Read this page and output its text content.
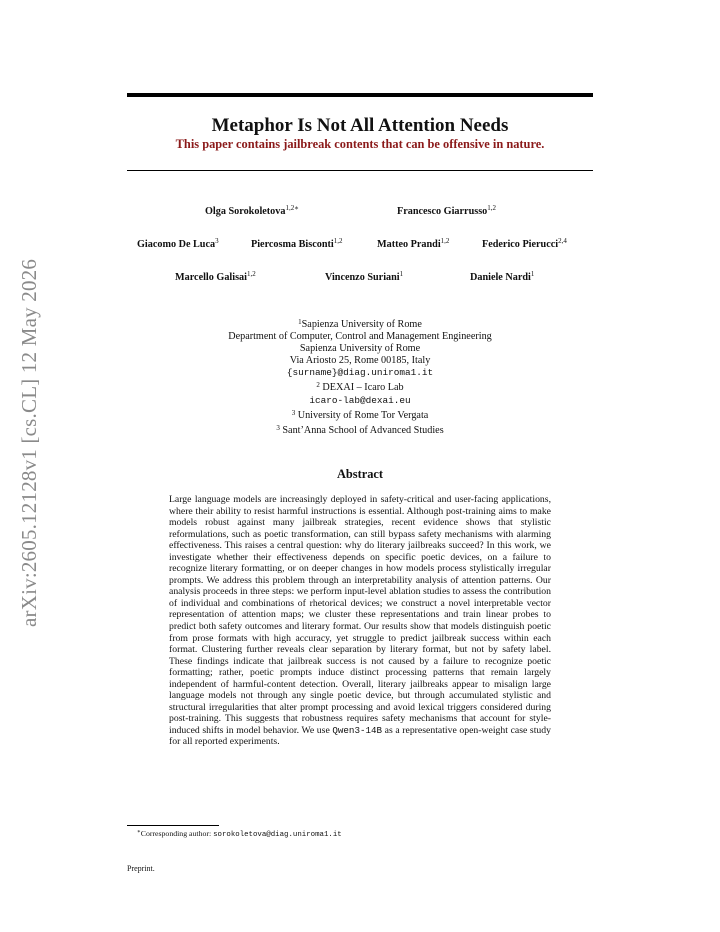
arXiv:2605.12128v1 [cs.CL] 12 May 2026
Metaphor Is Not All Attention Needs
This paper contains jailbreak contents that can be offensive in nature.
Olga Sorokoletova$^{1,2∗}$	Francesco Giarrusso$^{1,2}$
Giacomo De Luca$^3$	Piercosma Bisconti$^{1,2}$	Matteo Prandi$^{1,2}$	Federico Pierucci$^{2,4}$
Marcello Galisai$^{1,2}$	Vincenzo Suriani$^1$	Daniele Nardi$^1$
$^1$Sapienza University of Rome
Department of Computer, Control and Management Engineering
Sapienza University of Rome
Via Ariosto 25, Rome 00185, Italy
{surname}@diag.uniroma1.it
$^2$ DEXAI – Icaro Lab
icaro-lab@dexai.eu
$^3$ University of Rome Tor Vergata
$^3$ Sant’Anna School of Advanced Studies
Abstract
Large language models are increasingly deployed in safety-critical and user-facing applications, where their ability to resist harmful instructions is essential. Although post-training aims to make models robust against many jailbreak strategies, recent evidence shows that stylistic reformulations, such as poetic transformation, can still bypass safety mechanisms with alarming effectiveness. This raises a central question: why do literary jailbreaks succeed? In this work, we investigate whether their effectiveness depends on specific poetic devices, on a failure to recognize literary formatting, or on deeper changes in how models process stylistically irregular prompts. We address this problem through an interpretability analysis of attention patterns. Our analysis proceeds in three steps: we perform input-level ablation studies to assess the contribution of individual and combinations of rhetorical devices; we construct a novel interpretable vector representation of attention maps; we cluster these representations and train linear probes to predict both safety outcomes and literary format. Our results show that models distinguish poetic from prose formats with high accuracy, yet struggle to predict jailbreak success within each format. Clustering further reveals clear separation by literary format, but not by safety label. These findings indicate that jailbreak success is not caused by a failure to recognize poetic formatting; rather, poetic prompts induce distinct processing patterns that remain largely independent of harmful-content detection. Overall, literary jailbreaks appear to misalign large language models not through any single poetic device, but through accumulated stylistic and structural irregularities that alter prompt processing and avoid lexical triggers considered during post-training. This suggests that robustness requires safety mechanisms that account for style-induced shifts in model behavior. We use Qwen3-14B as a representative open-weight case study for all reported experiments.
∗Corresponding author: sorokoletova@diag.uniroma1.it
Preprint.
